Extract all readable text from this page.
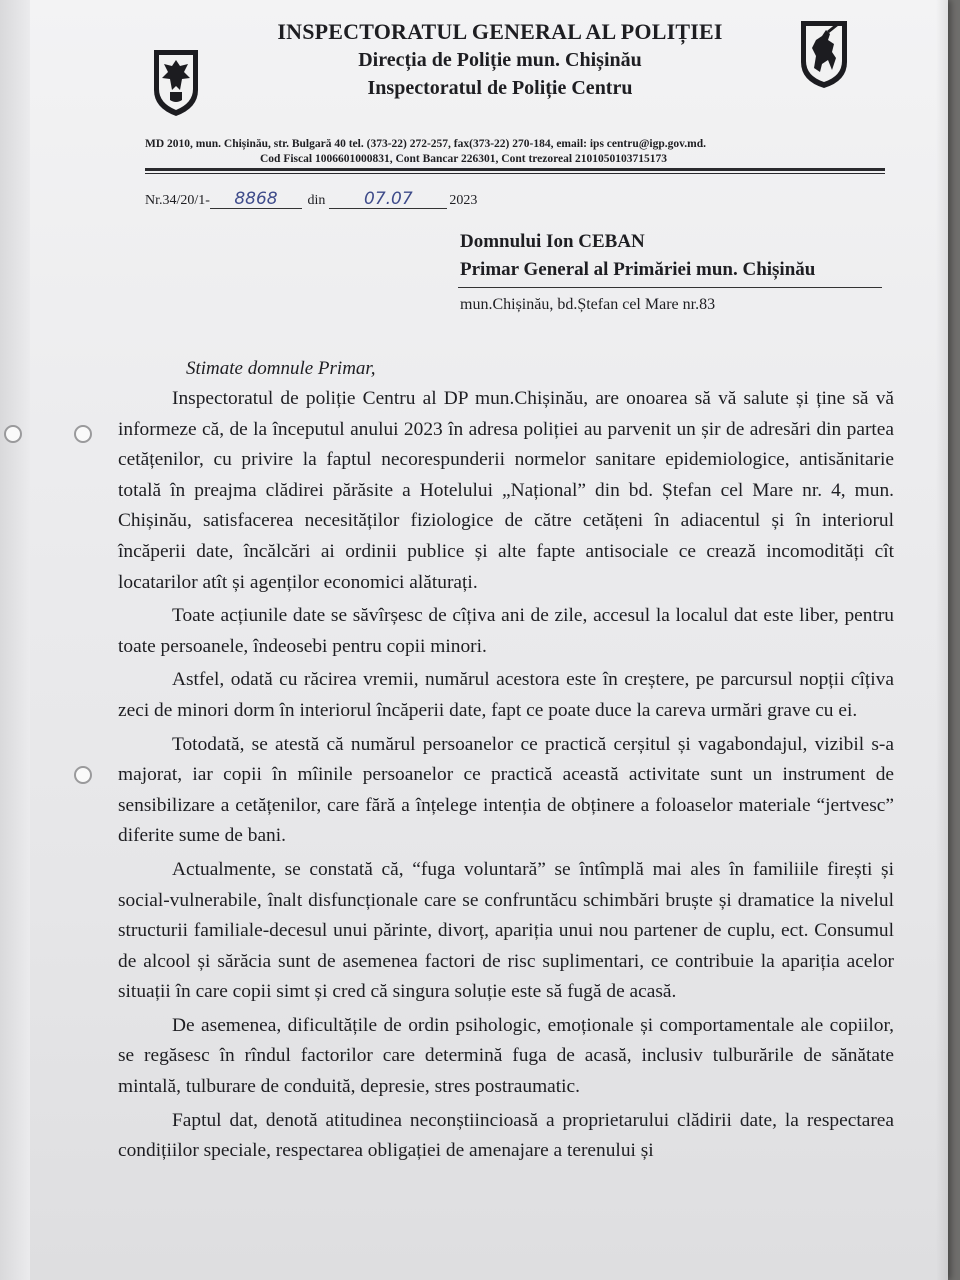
INSPECTORATUL GENERAL AL POLIȚIEI

Direcția de Poliție mun. Chișinău

Inspectoratul de Poliție Centru

MD 2010, mun. Chișinău, str. Bulgară 40 tel. (373-22) 272-257, fax(373-22) 270-184, email: ips centru@igp.gov.md.
Cod Fiscal 1006601000831, Cont Bancar 226301, Cont trezoreal 2101050103715173
Nr.34/20/1- 8868 din 07.07	2023
Domnului Ion CEBAN
Primar General al Primăriei mun. Chișinău
mun.Chișinău, bd.Ștefan cel Mare nr.83
Stimate domnule Primar,

Inspectoratul de poliție Centru al DP mun.Chișinău, are onoarea să vă salute și ține să vă informeze că, de la începutul anului 2023 în adresa poliției au parvenit un șir de adresări din partea cetățenilor, cu privire la faptul necorespunderii normelor sanitare epidemiologice, antisănitarie totală în preajma clădirei părăsite a Hotelului „Național” din bd. Ștefan cel Mare nr. 4, mun. Chișinău, satisfacerea necesităților fiziologice de către cetățeni în adiacentul și în interiorul încăperii date, încălcări ai ordinii publice și alte fapte antisociale ce crează incomodități cît locatarilor atît și agenților economici alăturați.

Toate acțiunile date se săvîrșesc de cîțiva ani de zile, accesul la localul dat este liber, pentru toate persoanele, îndeosebi pentru copii minori.

Astfel, odată cu răcirea vremii, numărul acestora este în creștere, pe parcursul nopții cîțiva zeci de minori dorm în interiorul încăperii date, fapt ce poate duce la careva urmări grave cu ei.

Totodată, se atestă că numărul persoanelor ce practică cerșitul și vagabondajul, vizibil s-a majorat, iar copii în mîinile persoanelor ce practică această activitate sunt un instrument de sensibilizare a cetățenilor, care fără a înțelege intenția de obținere a foloaselor materiale “jertvesc” diferite sume de bani.

Actualmente, se constată că, “fuga voluntară” se întîmplă mai ales în familiile firești și social-vulnerabile, înalt disfuncționale care se confruntăcu schimbări bruște și dramatice la nivelul structurii familiale-decesul unui părinte, divorț, apariția unui nou partener de cuplu, ect. Consumul de alcool și sărăcia sunt de asemenea factori de risc suplimentari, ce contribuie la apariția acelor situații în care copii simt și cred că singura soluție este să fugă de acasă.

De asemenea, dificultățile de ordin psihologic, emoționale și comportamentale ale copiilor, se regăsesc în rîndul factorilor care determină fuga de acasă, inclusiv tulburările de sănătate mintală, tulburare de conduită, depresie, stres postraumatic.

Faptul dat, denotă atitudinea neconștiincioasă a proprietarului clădirii date, la respectarea condițiilor speciale, respectarea obligației de amenajare a terenului și
